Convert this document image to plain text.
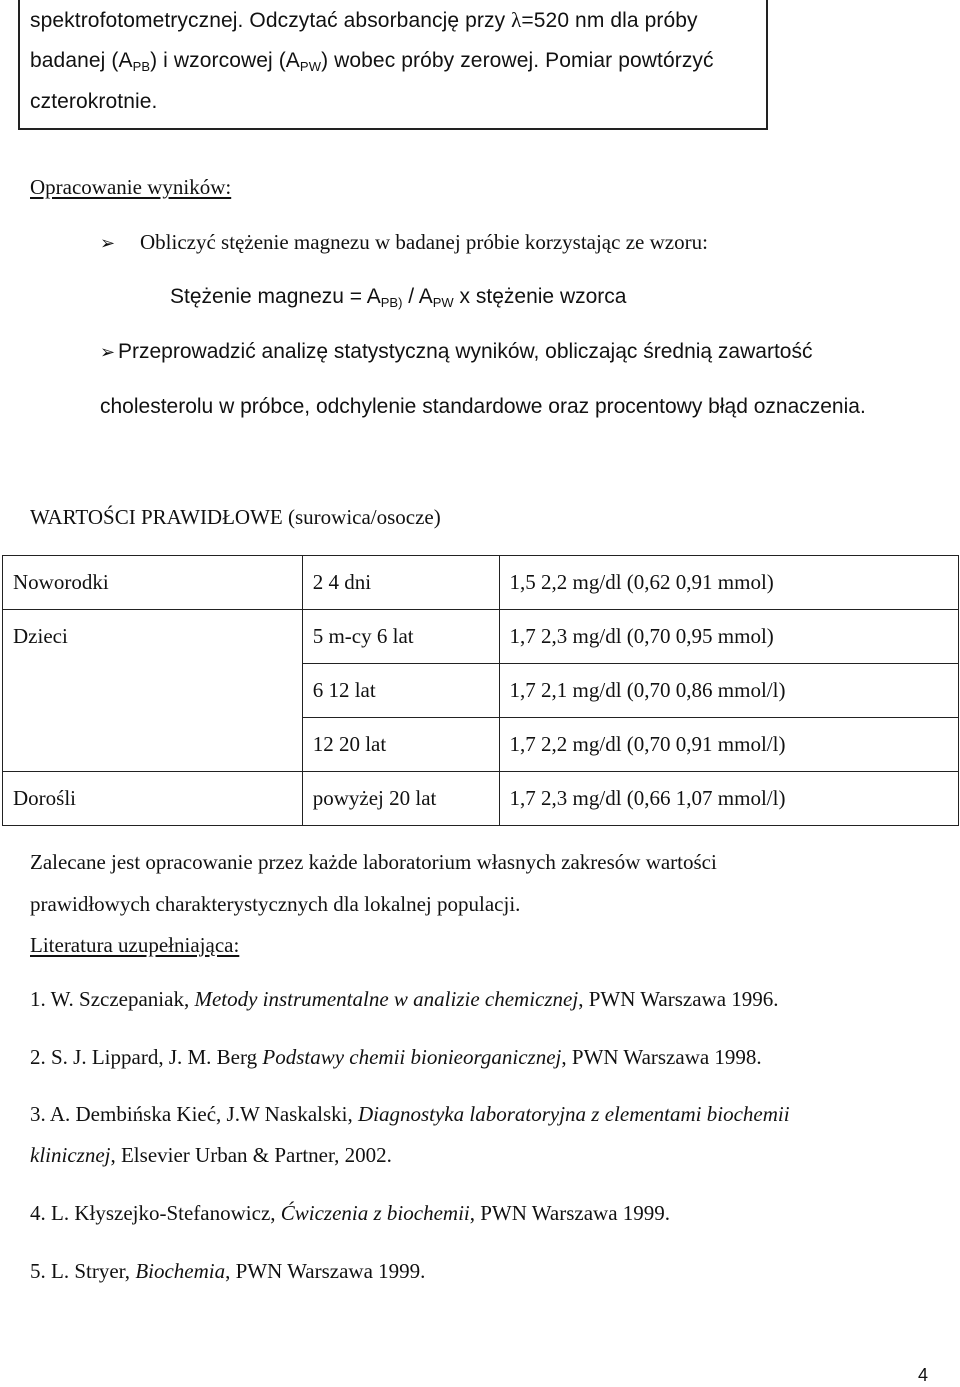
spektrofotometrycznej. Odczytać absorbancję przy λ=520 nm dla próby
badanej (APB) i wzorcowej (APW) wobec próby zerowej. Pomiar powtórzyć
czterokrotnie.
Opracowanie wyników:
➢ Obliczyć stężenie magnezu w badanej próbie korzystając ze wzoru:
Stężenie magnezu = APB) / APW x stężenie wzorca
➢ Przeprowadzić analizę statystyczną wyników, obliczając średnią zawartość
cholesterolu w próbce, odchylenie standardowe oraz procentowy błąd oznaczenia.
WARTOŚCI PRAWIDŁOWE (surowica/osocze)
Noworodki	2 4 dni	1,5 2,2 mg/dl (0,62 0,91 mmol)
Dzieci	5 m-cy 6 lat	1,7 2,3 mg/dl (0,70 0,95 mmol)
	6 12 lat	1,7 2,1 mg/dl (0,70 0,86 mmol/l)
	12 20 lat	1,7 2,2 mg/dl (0,70 0,91 mmol/l)
Dorośli	powyżej 20 lat	1,7 2,3 mg/dl (0,66 1,07 mmol/l)
Zalecane jest opracowanie przez każde laboratorium własnych zakresów wartości
prawidłowych charakterystycznych dla lokalnej populacji.
Literatura uzupełniająca:
1. W. Szczepaniak, Metody instrumentalne w analizie chemicznej, PWN Warszawa 1996.
2. S. J. Lippard, J. M. Berg Podstawy chemii bionieorganicznej, PWN Warszawa 1998.
3. A. Dembińska Kieć, J.W Naskalski, Diagnostyka laboratoryjna z elementami biochemii
klinicznej, Elsevier Urban & Partner, 2002.
4. L. Kłyszejko-Stefanowicz, Ćwiczenia z biochemii, PWN Warszawa 1999.
5. L. Stryer, Biochemia, PWN Warszawa 1999.
4
